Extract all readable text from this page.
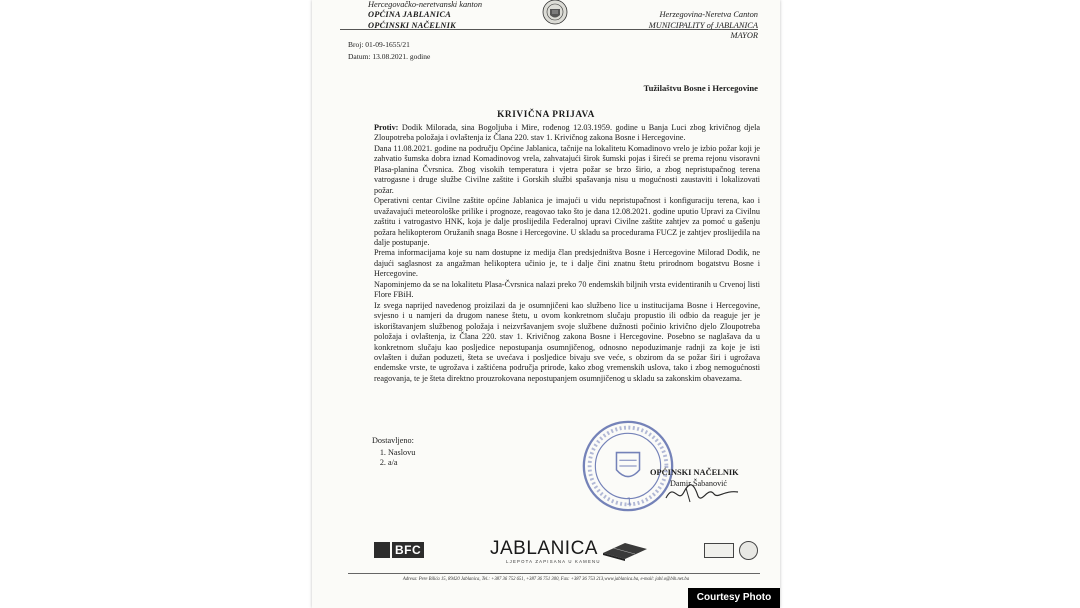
Hercegovačko-neretvanski kanton
OPĆINA JABLANICA
OPĆINSKI NAČELNIK
Herzegovina-Neretva Canton
MUNICIPALITY of JABLANICA
MAYOR
Broj: 01-09-1655/21
Datum: 13.08.2021. godine
Tužilaštvu Bosne i Hercegovine
KRIVIČNA PRIJAVA

Protiv: Dodik Milorada, sina Bogoljuba i Mire, rođenog 12.03.1959. godine u Banja Luci zbog krivičnog djela Zloupotreba položaja i ovlaštenja iz Člana 220. stav 1. Krivičnog zakona Bosne i Hercegovine.

Dana 11.08.2021. godine na području Općine Jablanica, tačnije na lokalitetu Komadinovo vrelo je izbio požar koji je zahvatio šumska dobra iznad Komadinovog vrela, zahvatajući širok šumski pojas i šireći se prema rejonu visoravni Plasa-planina Čvrsnica. Zbog visokih temperatura i vjetra požar se brzo širio, a zbog nepristupačnog terena vatrogasne i druge službe Civilne zaštite i Gorskih službi spašavanja nisu u mogućnosti zaustaviti i lokalizovati požar.

Operativni centar Civilne zaštite općine Jablanica je imajući u vidu nepristupačnost i konfiguraciju terena, kao i uvažavajući meteorološke prilike i prognoze, reagovao tako što je dana 12.08.2021. godine uputio Upravi za Civilnu zaštitu i vatrogastvo HNK, koja je dalje proslijedila Federalnoj upravi Civilne zaštite zahtjev za pomoć u gašenju požara helikopterom Oružanih snaga Bosne i Hercegovine. U skladu sa procedurama FUCZ je zahtjev proslijedila na dalje postupanje.

Prema informacijama koje su nam dostupne iz medija član predsjedništva Bosne i Hercegovine Milorad Dodik, ne dajući saglasnost za angažman helikoptera učinio je, te i dalje čini znatnu štetu prirodnom bogatstvu Bosne i Hercegovine.

Napominjemo da se na lokalitetu Plasa-Čvrsnica nalazi preko 70 endemskih biljnih vrsta evidentiranih u Crvenoj listi Flore FBiH.

Iz svega naprijed navedenog proizilazi da je osumnjičeni kao službeno lice u institucijama Bosne i Hercegovine, svjesno i u namjeri da drugom nanese štetu, u ovom konkretnom slučaju propustio ili odbio da reaguje jer je iskorištavanjem službenog položaja i neizvršavanjem svoje službene dužnosti počinio krivično djelo Zloupotreba položaja i ovlaštenja, iz Člana 220. stav 1. Krivičnog zakona Bosne i Hercegovine. Posebno se naglašava da u konkretnom slučaju kao posljedice nepostupanja osumnjičenog, odnosno nepoduzimanje radnji za koje je isti ovlašten i dužan poduzeti, šteta se uvećava i posljedice bivaju sve veće, s obzirom da se požar širi i ugrožava endemske vrste, te ugrožava i zaštićena područja prirode, kako zbog vremenskih uslova, tako i zbog nemogućnosti reagovanja, te je šteta direktno prouzrokovana nepostupanjem osumnjičenog u skladu sa zakonskim obavezama.

Dostavljeno:
1. Naslovu
2. a/a
1
OPĆINSKI NAČELNIK
Damir Šabanović
BFC	JABLANICA
LJEPOTA ZAPISANA U KAMENU
Adresa: Pere Bilića 15, 89420 Jablanica, Tel.: +387 36 752 651, +387 36 751 300, Fax: +387 36 753 213,www.jablanica.ba, e-mail: jabl.o@bih.net.ba
Courtesy Photo
